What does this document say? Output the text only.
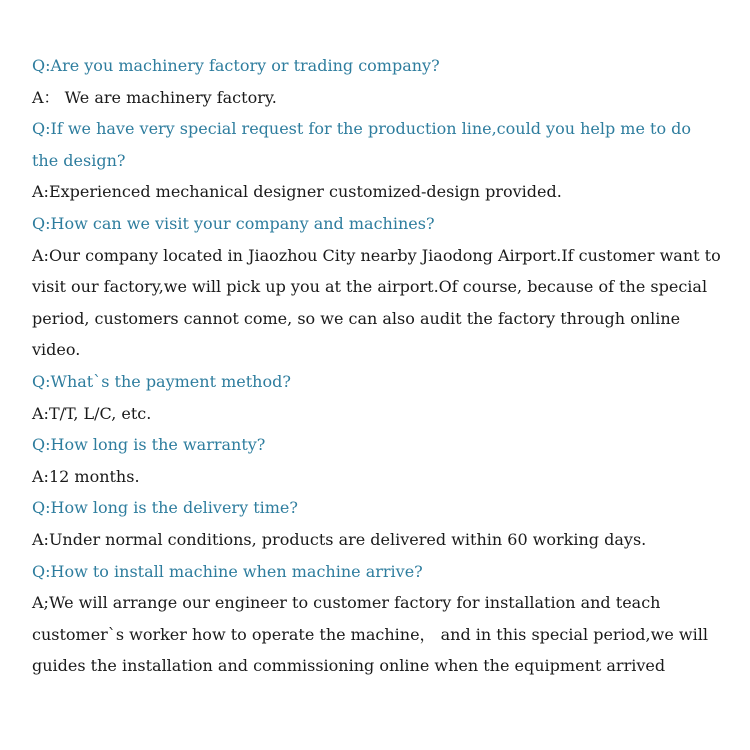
Q:Are you machinery factory or trading company?

A： We are machinery factory.

Q:If we have very special request for the production line,could you help me to do the design?

A:Experienced mechanical designer customized-design provided.

Q:How can we visit your company and machines?

A:Our company located in Jiaozhou City nearby Jiaodong Airport.If customer want to visit our factory,we will pick up you at the airport.Of course, because of the special period, customers cannot come, so we can also audit the factory through online video.

Q:What`s the payment method?

A:T/T, L/C, etc.

Q:How long is the warranty?

A:12 months.

Q:How long is the delivery time?

A:Under normal conditions, products are delivered within 60 working days.

Q:How to install machine when machine arrive?

A;We will arrange our engineer to customer factory for installation and teach customer`s worker how to operate the machine， and in this special period,we will guides the installation and commissioning online when the equipment arrived
